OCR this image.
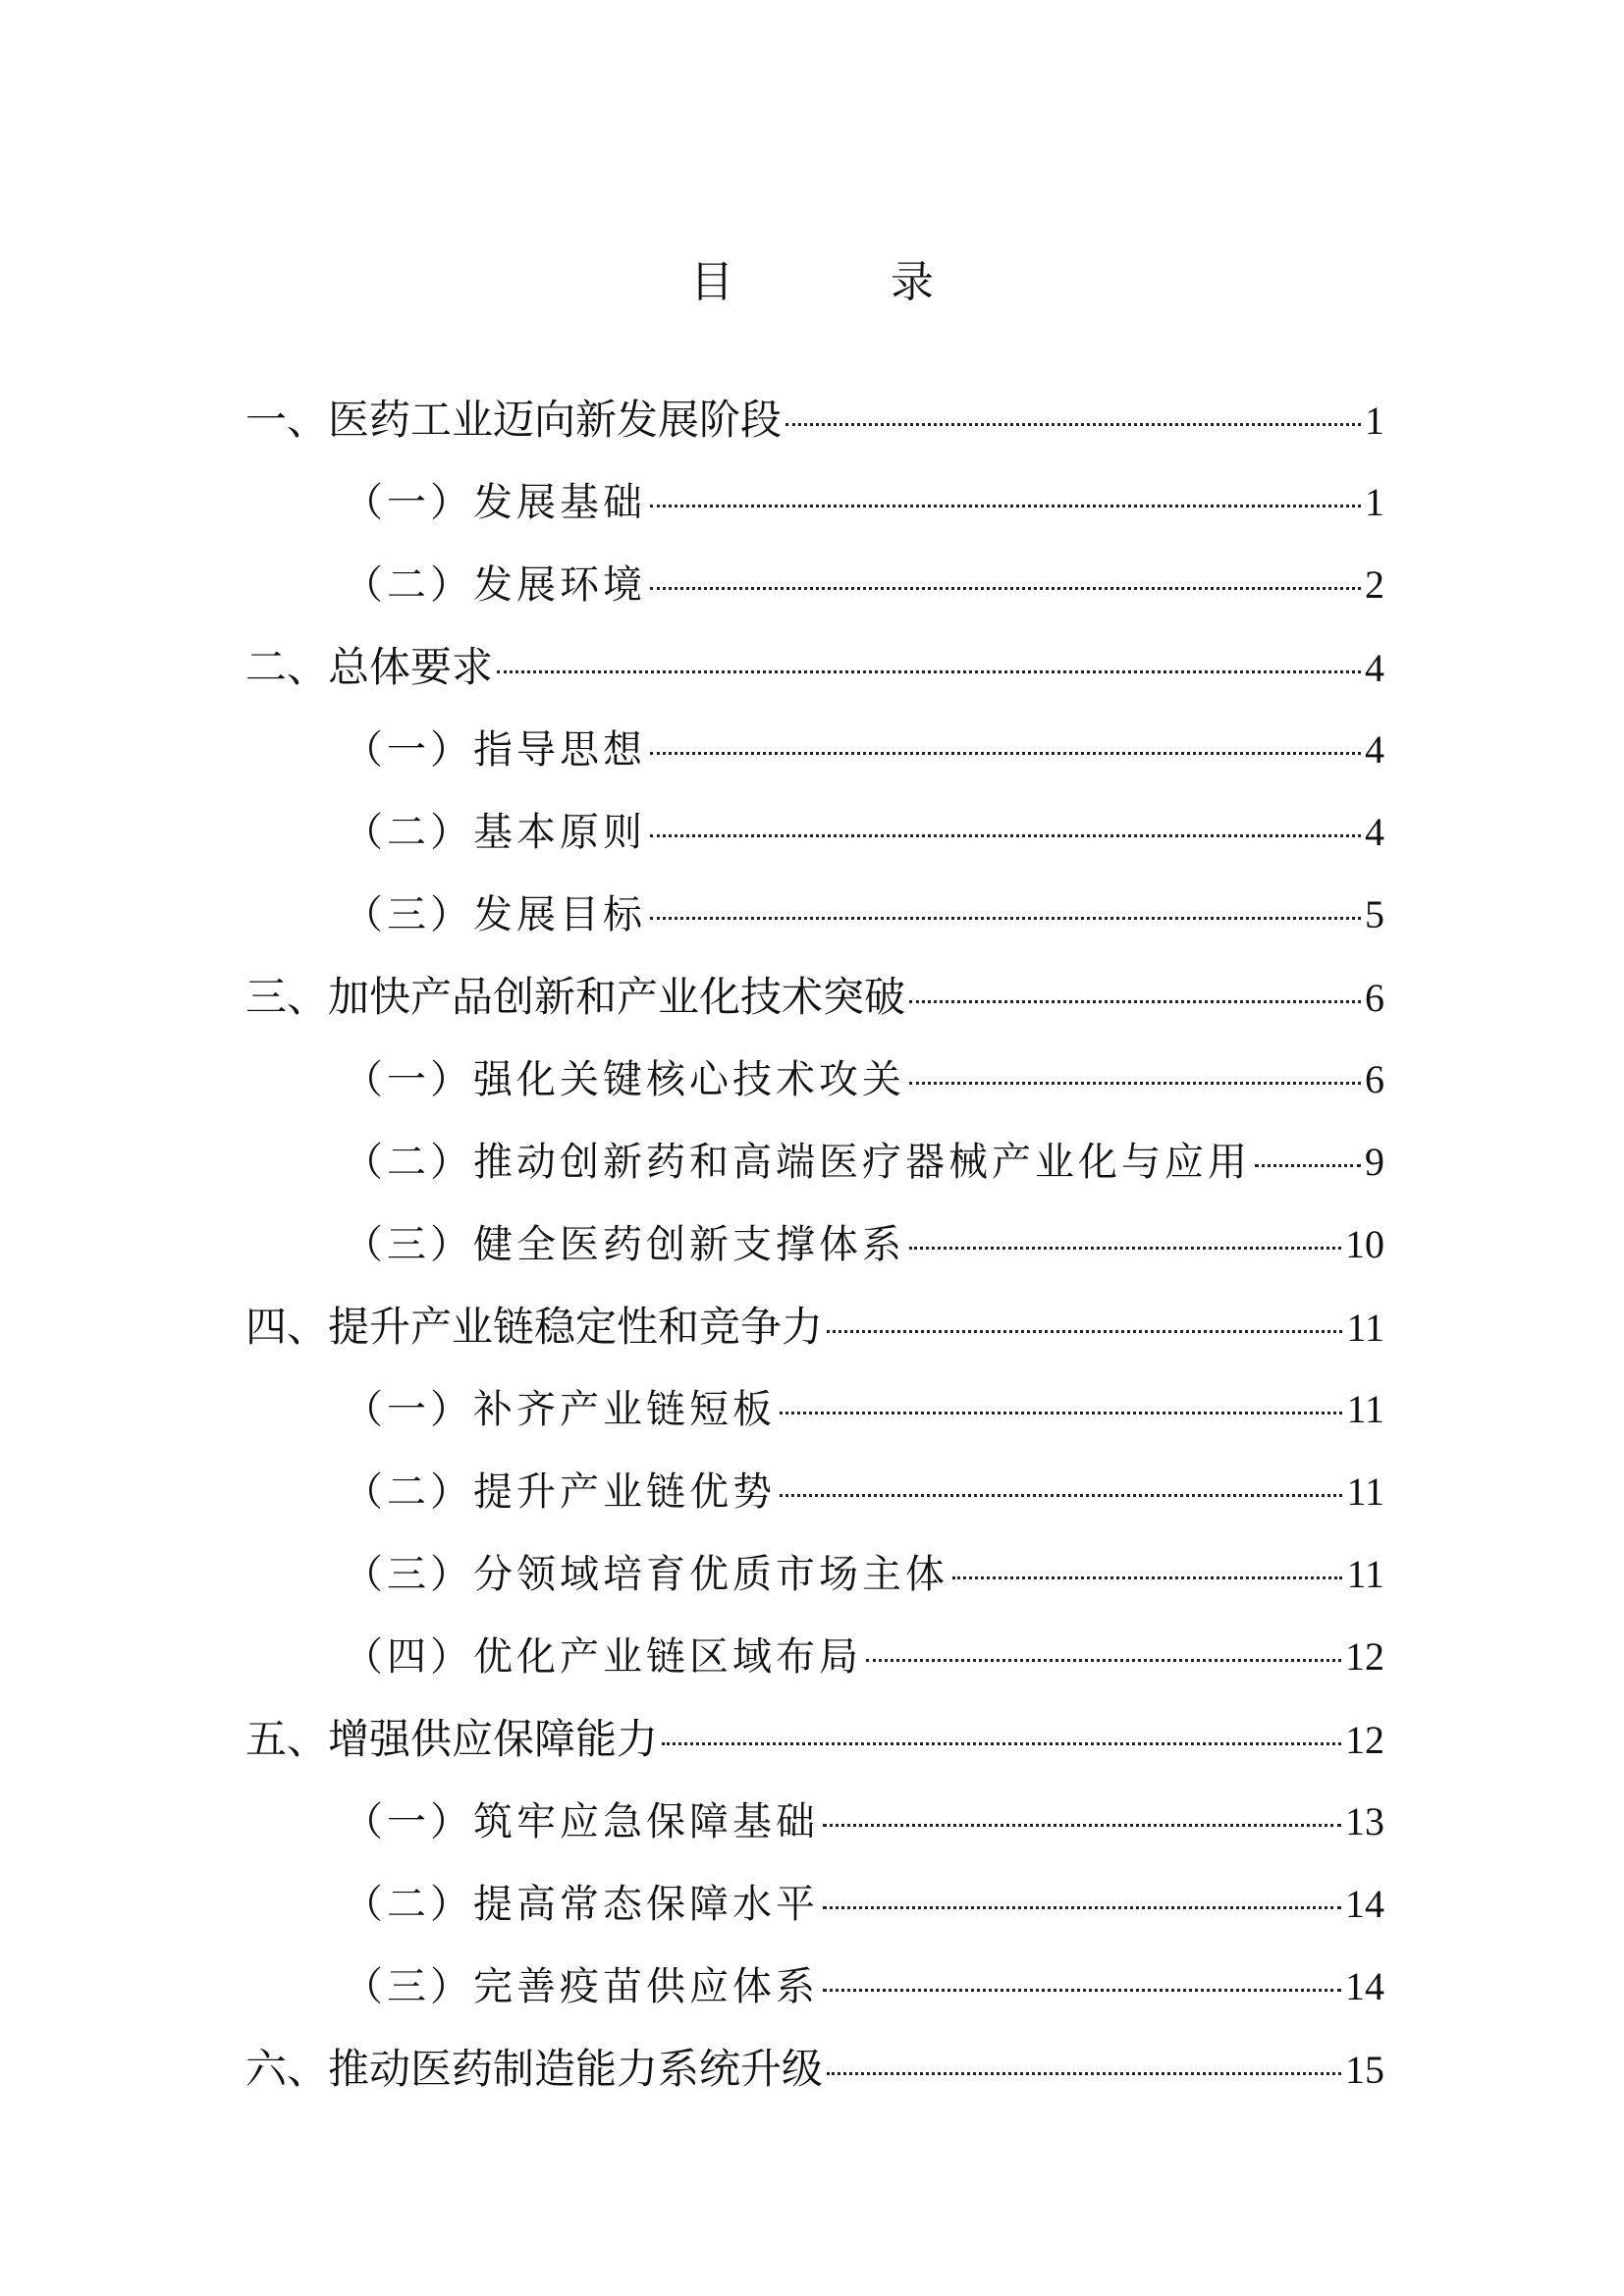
目　录
一、医药工业迈向新发展阶段	1
（一）发展基础	1
（二）发展环境	2
二、总体要求	4
（一）指导思想	4
（二）基本原则	4
（三）发展目标	5
三、加快产品创新和产业化技术突破	6
（一）强化关键核心技术攻关	6
（二）推动创新药和高端医疗器械产业化与应用	9
（三）健全医药创新支撑体系	10
四、提升产业链稳定性和竞争力	11
（一）补齐产业链短板	11
（二）提升产业链优势	11
（三）分领域培育优质市场主体	11
（四）优化产业链区域布局	12
五、增强供应保障能力	12
（一）筑牢应急保障基础	13
（二）提高常态保障水平	14
（三）完善疫苗供应体系	14
六、推动医药制造能力系统升级	15
